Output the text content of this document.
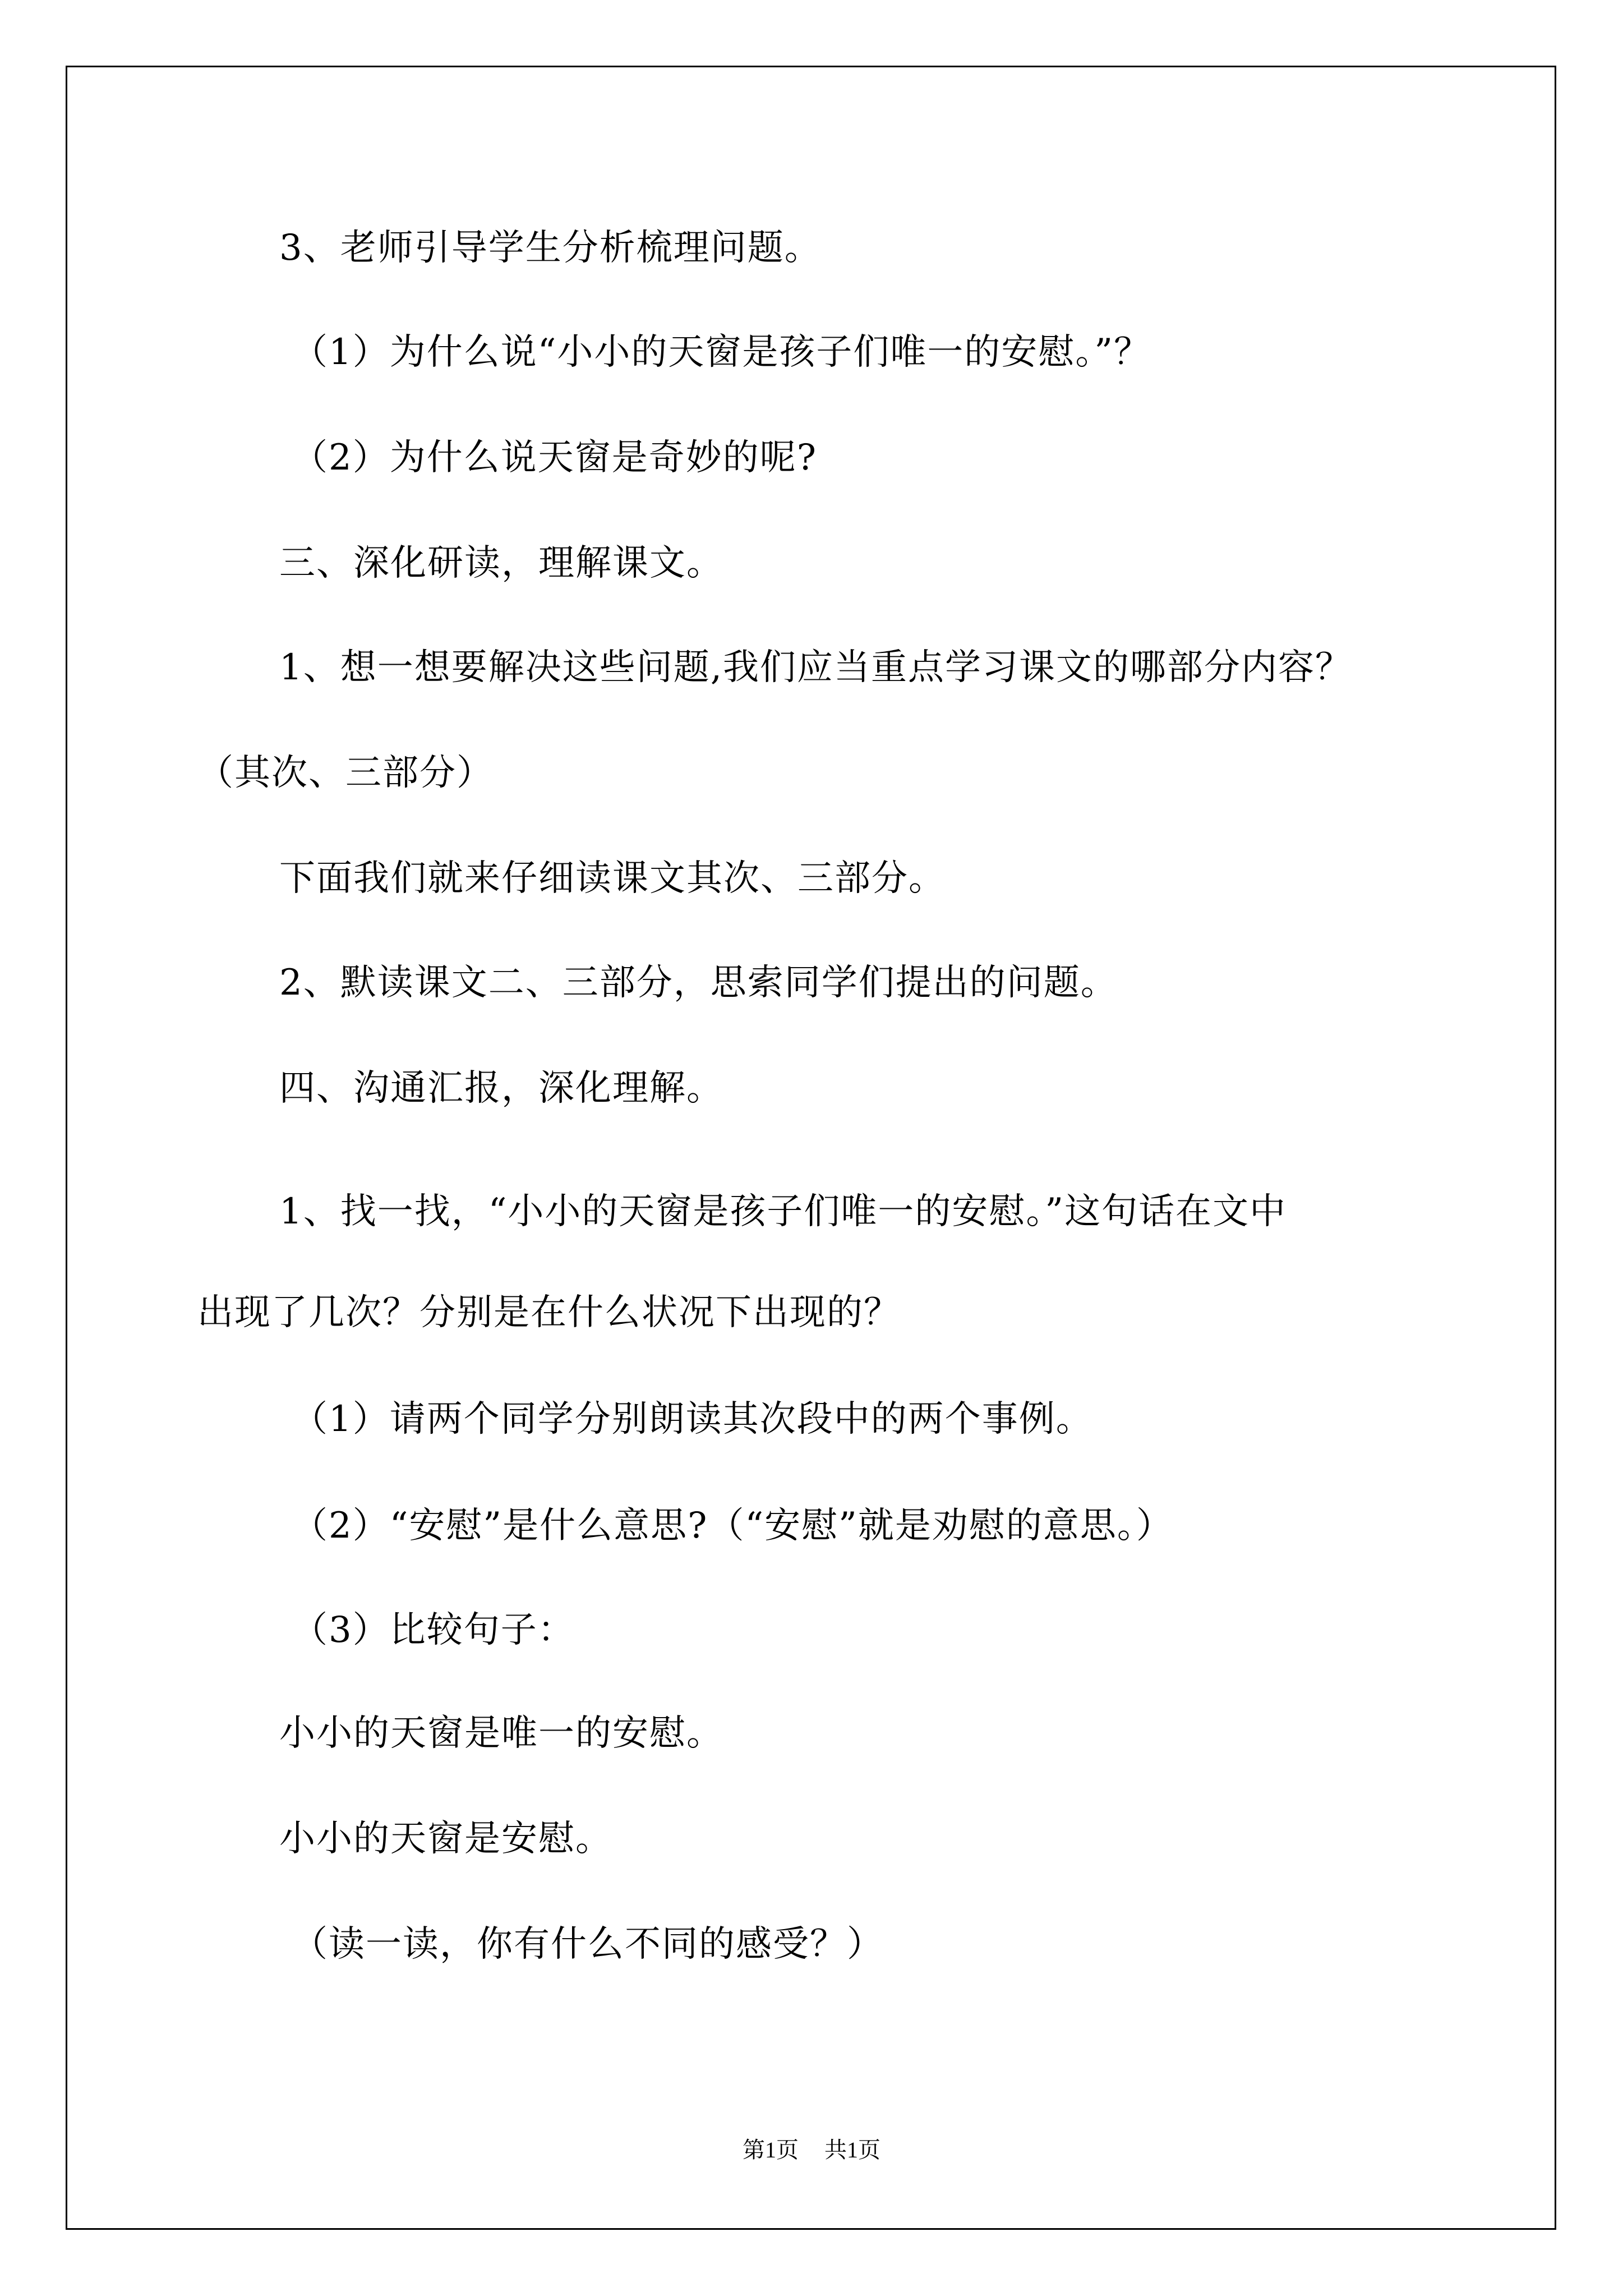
3、老师引导学生分析梳理问题。
（1）为什么说“小小的天窗是孩子们唯一的安慰。”？
（2）为什么说天窗是奇妙的呢?
三、深化研读，理解课文。
1、想一想要解决这些问题,我们应当重点学习课文的哪部分内容？
（其次、三部分）
下面我们就来仔细读课文其次、三部分。
2、默读课文二、三部分，思索同学们提出的问题。
四、沟通汇报，深化理解。
1、找一找，“小小的天窗是孩子们唯一的安慰。”这句话在文中
出现了几次？分别是在什么状况下出现的？
（1）请两个同学分别朗读其次段中的两个事例。
（2）“安慰”是什么意思?（“安慰”就是劝慰的意思。）
（3）比较句子：
小小的天窗是唯一的安慰。
小小的天窗是安慰。
（读一读，你有什么不同的感受？）
第1页 共1页
